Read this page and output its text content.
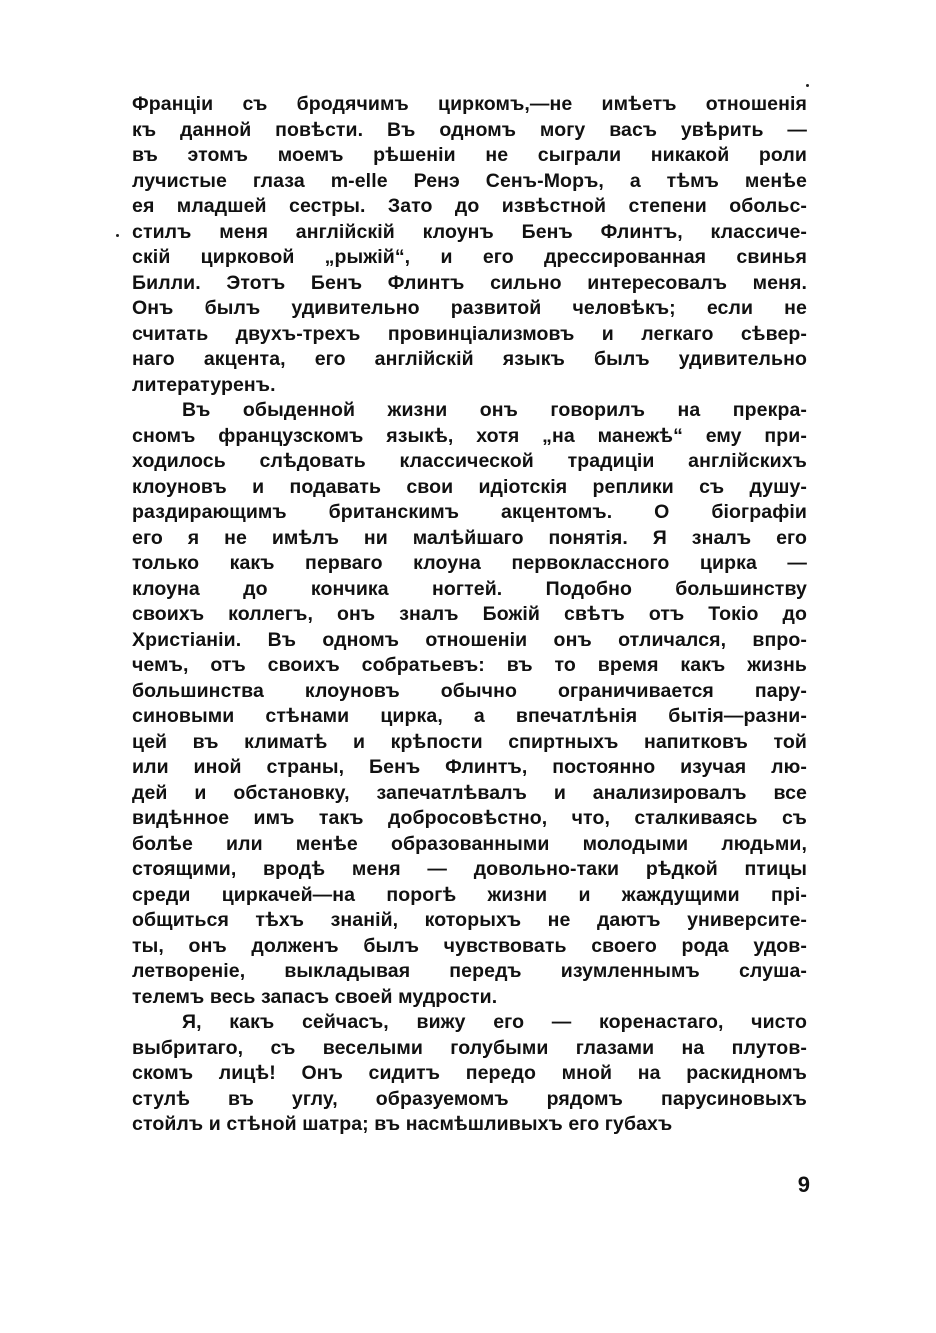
Франціи съ бродячимъ циркомъ,—не имѣетъ отношенія
къ данной повѣсти. Въ одномъ могу васъ увѣрить —
въ этомъ моемъ рѣшеніи не сыграли никакой роли
лучистые глаза m-elle Ренэ Сенъ-Моръ, а тѣмъ менѣе
ея младшей сестры. Зато до извѣстной степени обольс-
стилъ меня англійскій клоунъ Бенъ Флинтъ, классиче-
скій цирковой „рыжій“, и его дрессированная свинья
Билли. Этотъ Бенъ Флинтъ сильно интересовалъ меня.
Онъ былъ удивительно развитой человѣкъ; если не
считать двухъ-трехъ провинціализмовъ и легкаго сѣвер-
наго акцента, его англійскій языкъ былъ удивительно
литературенъ.
Въ обыденной жизни онъ говорилъ на прекра-
сномъ французскомъ языкѣ, хотя „на манежѣ“ ему при-
ходилось слѣдовать классической традиціи англійскихъ
клоуновъ и подавать свои идіотскія реплики съ душу-
раздирающимъ британскимъ акцентомъ. О біографіи
его я не имѣлъ ни малѣйшаго понятія. Я зналъ его
только какъ перваго клоуна первоклассного цирка —
клоуна до кончика ногтей. Подобно большинству
своихъ коллегъ, онъ зналъ Божій свѣтъ отъ Токіо до
Христіаніи. Въ одномъ отношеніи онъ отличался, впро-
чемъ, отъ своихъ собратьевъ: въ то время какъ жизнь
большинства клоуновъ обычно ограничивается пару-
синовыми стѣнами цирка, а впечатлѣнія бытія—разни-
цей въ климатѣ и крѣпости спиртныхъ напитковъ той
или иной страны, Бенъ Флинтъ, постоянно изучая лю-
дей и обстановку, запечатлѣвалъ и анализировалъ все
видѣнное имъ такъ добросовѣстно, что, сталкиваясь съ
болѣе или менѣе образованными молодыми людьми,
стоящими, вродѣ меня — довольно-таки рѣдкой птицы
среди циркачей—на порогѣ жизни и жаждущими прі-
общиться тѣхъ знаній, которыхъ не даютъ университе-
ты, онъ долженъ былъ чувствовать своего рода удов-
летвореніе, выкладывая передъ изумленнымъ слуша-
телемъ весь запасъ своей мудрости.
Я, какъ сейчасъ, вижу его — коренастаго, чисто
выбритаго, съ веселыми голубыми глазами на плутов-
скомъ лицѣ! Онъ сидитъ передо мной на раскидномъ
стулѣ въ углу, образуемомъ рядомъ парусиновыхъ
стойлъ и стѣной шатра; въ насмѣшливыхъ его губахъ
9
